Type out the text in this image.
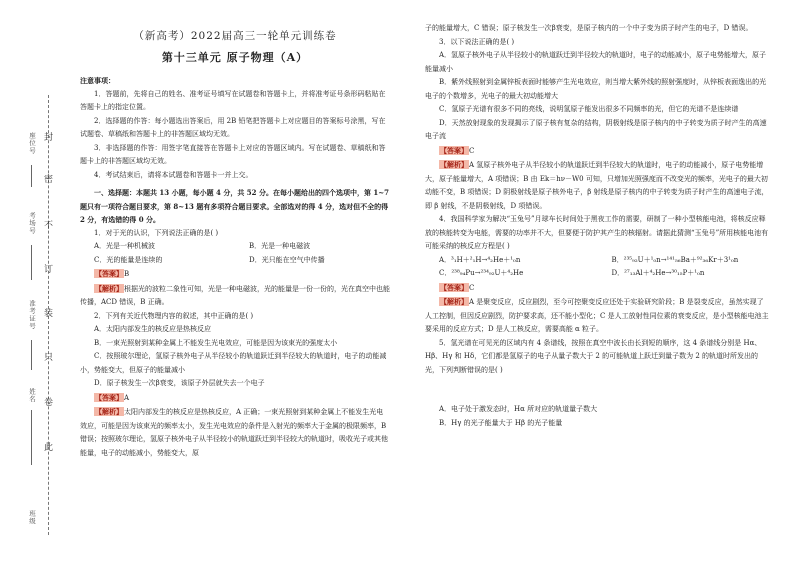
封
密
不
订
装
只
卷
此
座位号
考场号
准考证号
姓名
班级
（新高考）2022届高三一轮单元训练卷
第十三单元 原子物理（A）

注意事项：

1．答题前，先将自己的姓名、准考证号填写在试题卷和答题卡上，并将准考证号条形码粘贴在答题卡上的指定位置。

2．选择题的作答：每小题选出答案后，用 2B 铅笔把答题卡上对应题目的答案标号涂黑，写在试题卷、草稿纸和答题卡上的非答题区域均无效。

3．非选择题的作答：用签字笔直接答在答题卡上对应的答题区域内。写在试题卷、草稿纸和答题卡上的非答题区域均无效。

4．考试结束后，请将本试题卷和答题卡一并上交。

一、选择题：本题共 13 小题，每小题 4 分，共 52 分。在每小题给出的四个选项中，第 1~7 题只有一项符合题目要求，第 8~13 题有多项符合题目要求。全部选对的得 4 分，选对但不全的得 2 分，有选错的得 0 分。

1．对于光的认识，下列说法正确的是( )

A．光是一种机械波	B．光是一种电磁波
C．光的能量是连续的	D．光只能在空气中传播

【答案】B

【解析】根据光的波粒二象性可知，光是一种电磁波，光的能量是一份一份的，光在真空中也能传播，ACD 错误，B 正确。

2．下列有关近代物理内容的叙述，其中正确的是( )

A．太阳内部发生的核反应是热核反应

B．一束光照射到某种金属上不能发生光电效应，可能是因为该束光的强度太小

C．按照玻尔理论，氢原子核外电子从半径较小的轨道跃迁到半径较大的轨道时，电子的动能减小，势能变大，但原子的能量减小

D．原子核发生一次β衰变，该原子外层就失去一个电子

【答案】A

【解析】太阳内部发生的核反应是热核反应，A 正确；一束光照射到某种金属上不能发生光电效应，可能是因为该束光的频率太小，发生光电效应的条件是入射光的频率大于金属的极限频率，B 错误；按照玻尔理论，氢原子核外电子从半径较小的轨道跃迁到半径较大的轨道时，吸收光子或其他能量，电子的动能减小，势能变大，原

子的能量增大，C 错误；原子核发生一次β衰变，是原子核内的一个中子变为质子时产生的电子，D 错误。

3．以下说法正确的是( )

A．氢原子核外电子从半径较小的轨道跃迁到半径较大的轨道时，电子的动能减小，原子电势能增大，原子能量减小

B．紫外线照射到金属锌板表面时能够产生光电效应，则当增大紫外线的照射强度时，从锌板表面逸出的光电子的个数增多，光电子的最大初动能增大

C．氢原子光谱有很多不同的亮线，说明氢原子能发出很多不同频率的光，但它的光谱不是连续谱

D．天然放射现象的发现揭示了原子核有复杂的结构，阴极射线是原子核内的中子转变为质子时产生的高速电子流

【答案】C

【解析】A 氢原子核外电子从半径较小的轨道跃迁到半径较大的轨道时，电子的动能减小，原子电势能增大，原子能量增大，A 项错误；B 由 Ek＝hν－W0 可知，只增加光照强度而不改变光的频率，光电子的最大初动能不变，B 项错误；D 阴极射线是原子核外电子，β 射线是原子核内的中子转变为质子时产生的高速电子流，即 β 射线，不是阴极射线，D 项错误。

4．我国科学家为解决“玉兔号”月球车长时间处于黑夜工作的需要，研制了一种小型核能电池，将核反应释放的核能转变为电能，需要的功率并不大，但要便于防护其产生的核辐射。请据此猜测“玉兔号”所用核能电池有可能采纳的核反应方程是( )

A．³₁H＋²₁H→⁴₂He＋¹₀n	B．²³⁵₉₂U＋¹₀n→¹⁴¹₅₆Ba＋⁹²₃₆Kr＋3¹₀n
C．²³⁸₉₄Pu→²³⁴₉₂U＋⁴₂He	D．²⁷₁₃Al＋⁴₂He→³⁰₁₅P＋¹₀n

【答案】C

【解析】A 是聚变反应，反应剧烈，至今可控聚变反应还处于实验研究阶段；B 是裂变反应，虽然实现了人工控制，但因反应剧烈，防护要求高，还不能小型化；C 是人工放射性同位素的衰变反应，是小型核能电池主要采用的反应方式；D 是人工核反应，需要高能 α 粒子。

5．氢光谱在可见光的区域内有 4 条谱线，按照在真空中波长由长到短的顺序，这 4 条谱线分别是 Hα、Hβ、Hγ 和 Hδ，它们都是氢原子的电子从量子数大于 2 的可能轨道上跃迁到量子数为 2 的轨道时所发出的光，下列判断错误的是( )

A．电子处于激发态时，Hα 所对应的轨道量子数大

B．Hγ 的光子能量大于 Hβ 的光子能量
